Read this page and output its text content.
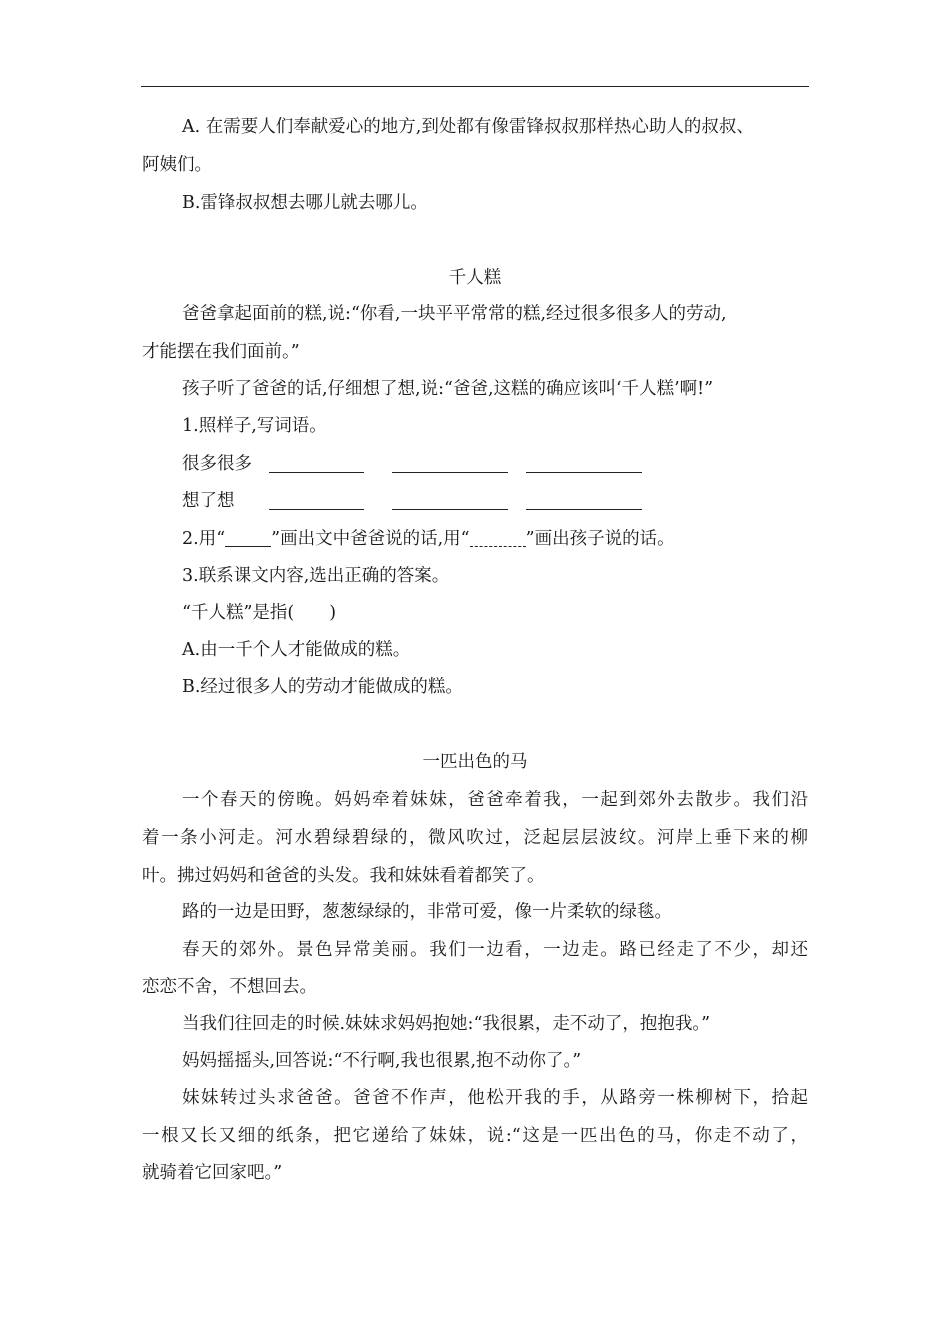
A. 在需要人们奉献爱心的地方,到处都有像雷锋叔叔那样热心助人的叔叔、
阿姨们。
B.雷锋叔叔想去哪儿就去哪儿。
千人糕
爸爸拿起面前的糕,说:“你看,一块平平常常的糕,经过很多很多人的劳动,
才能摆在我们面前。”
孩子听了爸爸的话,仔细想了想,说:“爸爸,这糕的确应该叫‘千人糕’啊!”
1.照样子,写词语。
很多很多
想了想
2.用“	”画出文中爸爸说的话,用“	”画出孩子说的话。
3.联系课文内容,选出正确的答案。
“千人糕”是指(　　)
A.由一千个人才能做成的糕。
B.经过很多人的劳动才能做成的糕。
一匹出色的马
一个春天的傍晚。妈妈牵着妹妹，爸爸牵着我，一起到郊外去散步。我们沿
着一条小河走。河水碧绿碧绿的，微风吹过，泛起层层波纹。河岸上垂下来的柳
叶。拂过妈妈和爸爸的头发。我和妹妹看着都笑了。
路的一边是田野，葱葱绿绿的，非常可爱，像一片柔软的绿毯。
春天的郊外。景色异常美丽。我们一边看，一边走。路已经走了不少，却还
恋恋不舍，不想回去。
当我们往回走的时候.妹妹求妈妈抱她:“我很累，走不动了，抱抱我。”
妈妈摇摇头,回答说:“不行啊,我也很累,抱不动你了。”
妹妹转过头求爸爸。爸爸不作声，他松开我的手，从路旁一株柳树下，拾起
一根又长又细的纸条，把它递给了妹妹，说:“这是一匹出色的马，你走不动了，
就骑着它回家吧。”
